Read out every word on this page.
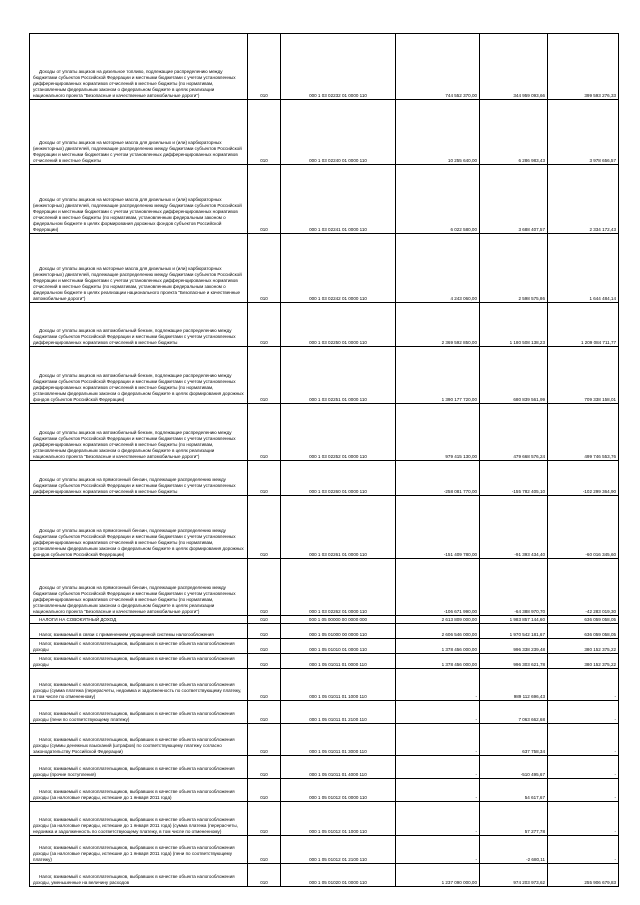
Доходы от уплаты акцизов на дизельное топливо, подлежащие распределению между бюджетами субъектов Российской Федерации и местными бюджетами с учетом установленных дифференцированных нормативов отчислений в местные бюджеты (по нормативам, установленным федеральным законом о федеральном бюджете в целях реализации национального проекта "Безопасные и качественные автомобильные дороги")	010	000 1 03 02232 01 0000 110	744 552 370,00	344 959 093,66	399 593 276,33

Доходы от уплаты акцизов на моторные масла для дизельных и (или) карбюраторных (инжекторных) двигателей, подлежащие распределению между бюджетами субъектов Российской Федерации и местными бюджетами с учетом установленных дифференцированных нормативов отчислений в местные бюджеты	010	000 1 03 02240 01 0000 110	10 255 640,00	6 286 983,43	3 978 656,57

Доходы от уплаты акцизов на моторные масла для дизельных и (или) карбюраторных (инжекторных) двигателей, подлежащие распределению между бюджетами субъектов Российской Федерации и местными бюджетами с учетом установленных дифференцированных нормативов отчислений в местные бюджеты (по нормативам, установленным федеральным законом о федеральном бюджете в целях формирования дорожных фондов субъектов Российской Федерации)	010	000 1 03 02241 01 0000 110	6 022 580,00	3 688 407,57	2 334 172,43

Доходы от уплаты акцизов на моторные масла для дизельных и (или) карбюраторных (инжекторных) двигателей, подлежащие распределению между бюджетами субъектов Российской Федерации и местными бюджетами с учетом установленных дифференцированных нормативов отчислений в местные бюджеты (по нормативам, установленным федеральным законом о федеральном бюджете в целях реализации национального проекта "Безопасные и качественные автомобильные дороги")	010	000 1 03 02242 01 0000 110	4 243 060,00	2 598 575,86	1 644 484,14

Доходы от уплаты акцизов на автомобильный бензин, подлежащие распределению между бюджетами субъектов Российской Федерации и местными бюджетами с учетом установленных дифференцированных нормативов отчислений в местные бюджеты	010	000 1 03 02250 01 0000 110	2 369 592 850,00	1 180 508 138,23	1 209 084 711,77

Доходы от уплаты акцизов на автомобильный бензин, подлежащие распределению между бюджетами субъектов Российской Федерации и местными бюджетами с учетом установленных дифференцированных нормативов отчислений в местные бюджеты (по нормативам, установленным федеральным законом о федеральном бюджете в целях формирования дорожных фондов субъектов Российской Федерации)	010	000 1 03 02251 01 0000 110	1 390 177 720,00	680 839 561,99	709 338 158,01

Доходы от уплаты акцизов на автомобильный бензин, подлежащие распределению между бюджетами субъектов Российской Федерации и местными бюджетами с учетом установленных дифференцированных нормативов отчислений в местные бюджеты (по нормативам, установленным федеральным законом о федеральном бюджете в целях реализации национального проекта "Безопасные и качественные автомобильные дороги")	010	000 1 03 02252 01 0000 110	979 415 130,00	479 668 576,24	499 746 553,76

Доходы от уплаты акцизов на прямогонный бензин, подлежащие распределению между бюджетами субъектов Российской Федерации и местными бюджетами с учетом установленных дифференцированных нормативов отчислений в местные бюджеты	010	000 1 03 02260 01 0000 110	-258 081 770,00	-155 782 405,10	-102 299 364,90

Доходы от уплаты акцизов на прямогонный бензин, подлежащие распределению между бюджетами субъектов Российской Федерации и местными бюджетами с учетом установленных дифференцированных нормативов отчислений в местные бюджеты (по нормативам, установленным федеральным законом о федеральном бюджете в целях формирования дорожных фондов субъектов Российской Федерации)	010	000 1 03 02261 01 0000 110	-151 409 780,00	-91 393 434,40	-60 016 345,60

Доходы от уплаты акцизов на прямогонный бензин, подлежащие распределению между бюджетами субъектов Российской Федерации и местными бюджетами с учетом установленных дифференцированных нормативов отчислений в местные бюджеты (по нормативам, установленным федеральным законом о федеральном бюджете в целях реализации национального проекта "Безопасные и качественные автомобильные дороги")	010	000 1 03 02262 01 0000 110	-106 671 990,00	-64 388 970,70	-42 283 019,30

НАЛОГИ НА СОВОКУПНЫЙ ДОХОД	010	000 1 05 00000 00 0000 000	2 613 809 000,00	1 983 857 144,60	636 059 058,05

Налог, взимаемый в связи с применением упрощенной системы налогообложения	010	000 1 05 01000 00 0000 110	2 606 546 000,00	1 970 542 181,67	636 059 058,05

Налог, взимаемый с налогоплательщиков, выбравших в качестве объекта налогообложения доходы	010	000 1 05 01010 01 0000 110	1 378 456 000,00	996 338 239,48	380 152 375,22

Налог, взимаемый с налогоплательщиков, выбравших в качестве объекта налогообложения доходы	010	000 1 05 01011 01 0000 110	1 378 456 000,00	996 303 621,78	380 152 375,22

Налог, взимаемый с налогоплательщиков, выбравших в качестве объекта налогообложения доходы (сумма платежа (перерасчеты, недоимка и задолженность по соответствующему платежу, в том числе по отмененному)	010	000 1 05 01011 01 1000 110	-	989 112 696,43	-

Налог, взимаемый с налогоплательщиков, выбравших в качестве объекта налогообложения доходы (пени по соответствующему платежу)	010	000 1 05 01011 01 2100 110	-	7 063 662,68	-

Налог, взимаемый с налогоплательщиков, выбравших в качестве объекта налогообложения доходы (суммы денежных взысканий (штрафов) по соответствующему платежу согласно законодательству Российской Федерации)	010	000 1 05 01011 01 3000 110	-	637 758,34	-

Налог, взимаемый с налогоплательщиков, выбравших в качестве объекта налогообложения доходы (прочие поступления)	010	000 1 05 01011 01 4000 110	-	-510 495,67	-

Налог, взимаемый с налогоплательщиков, выбравших в качестве объекта налогообложения доходы (за налоговые периоды, истекшие до 1 января 2011 года)	010	000 1 05 01012 01 0000 110	-	54 617,67	-

Налог, взимаемый с налогоплательщиков, выбравших в качестве объекта налогообложения доходы (за налоговые периоды, истекшие до 1 января 2011 года) (сумма платежа (перерасчеты, недоимка и задолженность по соответствующему платежу, в том числе по отмененному)	010	000 1 05 01012 01 1000 110	-	57 277,78	-

Налог, взимаемый с налогоплательщиков, выбравших в качестве объекта налогообложения доходы (за налоговые периоды, истекшие до 1 января 2011 года) (пени по соответствующему платежу)	010	000 1 05 01012 01 2100 110	-	-2 680,11	-

Налог, взимаемый с налогоплательщиков, выбравших в качестве объекта налогообложения доходы, уменьшенные на величину расходов	010	000 1 05 01020 01 0000 110	1 237 090 000,00	974 203 973,62	255 906 679,83
